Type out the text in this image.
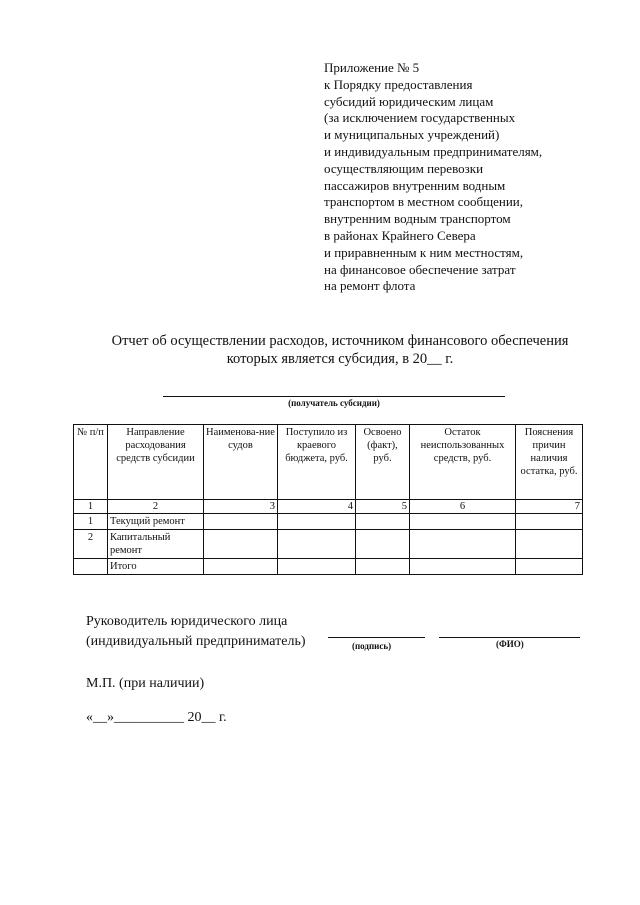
Приложение № 5
к Порядку предоставления
субсидий юридическим лицам
(за исключением государственных
и муниципальных учреждений)
и индивидуальным предпринимателям,
осуществляющим перевозки
пассажиров внутренним водным
транспортом в местном сообщении,
внутренним водным транспортом
в районах Крайнего Севера
и приравненным к ним местностям,
на финансовое обеспечение затрат
на ремонт флота
Отчет об осуществлении расходов, источником финансового обеспечения
которых является субсидия, в 20__ г.
(получатель субсидии)
№ п/п	Направление расходования средств субсидии	Наименова-ние судов	Поступило из краевого бюджета, руб.	Освоено (факт), руб.	Остаток неиспользованных средств, руб.	Пояснения причин наличия остатка, руб.
1	2	3	4	5	6	7
1	Текущий ремонт					
2	Капитальный ремонт					
	Итого					
Руководитель юридического лица
(индивидуальный предприниматель)	(подпись)	(ФИО)
М.П. (при наличии)
«__»__________ 20__ г.
